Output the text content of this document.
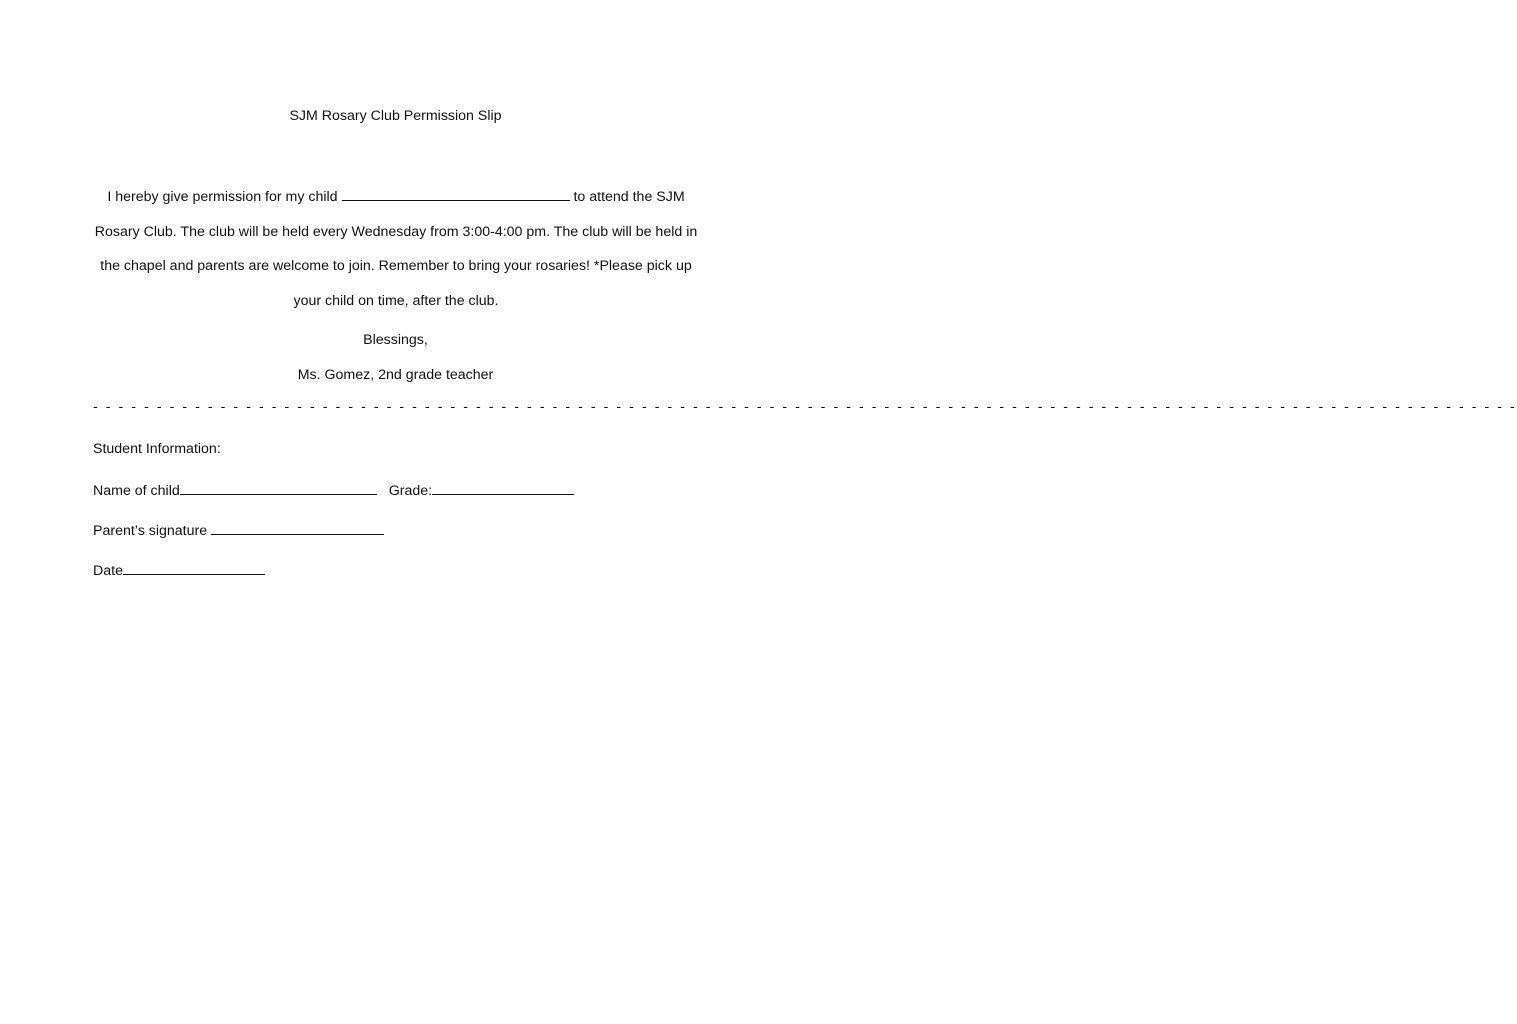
SJM Rosary Club Permission Slip
I hereby give permission for my child	to attend the SJM Rosary Club. The club will be held every Wednesday from 3:00-4:00 pm. The club will be held in the chapel and parents are welcome to join. Remember to bring your rosaries! *Please pick up your child on time, after the club.
Blessings,
Ms. Gomez, 2nd grade teacher
- - - - - - - - - - - - - - - - - - - - - - - - - - - - - - - - - - - - - - - - - - - - - - - - - - - - - - - - - - - - - - - - - - - - - - - - - - - - - - - - - - - - - - - - - - - - - - - - - - - - - - - - - - - - - - - -
Student Information:
Name of child	Grade:
Parent’s signature
Date
